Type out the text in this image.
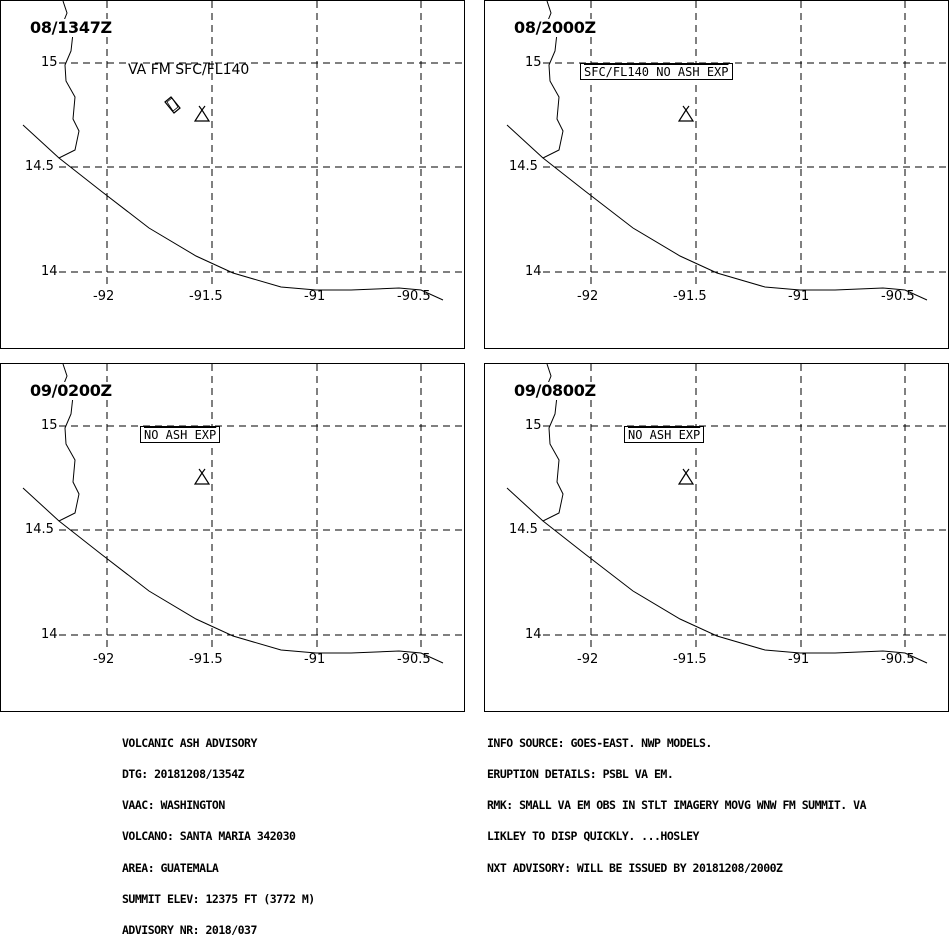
08/1347Z
15
14.5
14
-92	-91.5	-91	-90.5
VA FM SFC/FL140
08/2000Z
15
14.5
14
-92	-91.5	-91	-90.5
SFC/FL140 NO ASH EXP
09/0200Z
15
14.5
14
-92	-91.5	-91	-90.5
NO ASH EXP
09/0800Z
15
14.5
14
-92	-91.5	-91	-90.5
NO ASH EXP

VOLCANIC ASH ADVISORY

DTG: 20181208/1354Z

VAAC: WASHINGTON

VOLCANO: SANTA MARIA 342030

AREA: GUATEMALA

SUMMIT ELEV: 12375 FT (3772 M)

ADVISORY NR: 2018/037

INFO SOURCE: GOES-EAST. NWP MODELS.

ERUPTION DETAILS: PSBL VA EM.

RMK: SMALL VA EM OBS IN STLT IMAGERY MOVG WNW FM SUMMIT. VA

LIKLEY TO DISP QUICKLY. ...HOSLEY

NXT ADVISORY: WILL BE ISSUED BY 20181208/2000Z
